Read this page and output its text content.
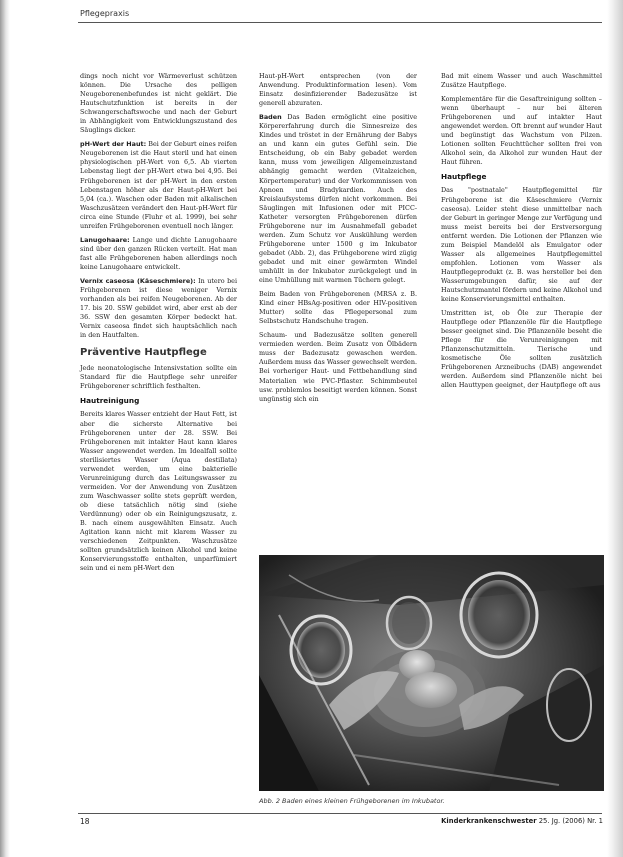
Pflegepraxis

dings noch nicht vor Wärmeverlust schützen können. Die Ursache des pelligen Neugeborenenbefundes ist nicht geklärt. Die Hautschutzfunktion ist bereits in der Schwangerschaftswoche und nach der Geburt in Abhängigkeit vom Entwicklungszustand des Säuglings dicker.

pH-Wert der Haut: Bei der Geburt eines reifen Neugeborenen ist die Haut steril und hat einen physiologischen pH-Wert von 6,5. Ab vierten Lebenstag liegt der pH-Wert etwa bei 4,95. Bei Frühgeborenen ist der pH-Wert in den ersten Lebenstagen höher als der Haut-pH-Wert bei 5,04 (ca.). Waschen oder Baden mit alkalischen Waschzusätzen verändert den Haut-pH-Wert für circa eine Stunde (Fluhr et al. 1999), bei sehr unreifen Frühgeborenen eventuell noch länger.

Lanugohaare: Lange und dichte Lanugohaare sind über den ganzen Rücken verteilt. Hat man fast alle Frühgeborenen haben allerdings noch keine Lanugohaare entwickelt.

Vernix caseosa (Käseschmiere): In utero bei Frühgeborenen ist diese weniger Vernix vorhanden als bei reifen Neugeborenen. Ab der 17. bis 20. SSW gebildet wird, aber erst ab der 36. SSW den gesamten Körper bedeckt hat. Vernix caseosa findet sich hauptsächlich nach in den Hautfalten.

Präventive Hautpflege

Jede neonatologische Intensivstation sollte ein Standard für die Hautpflege sehr unreifer Frühgeborener schriftlich festhalten.

Hautreinigung

Bereits klares Wasser entzieht der Haut Fett, ist aber die sicherste Alternative bei Frühgeborenen unter der 28. SSW. Bei Frühgeborenen mit intakter Haut kann klares Wasser angewendet werden. Im Idealfall sollte sterilisiertes Wasser (Aqua destillata) verwendet werden, um eine bakterielle Verunreinigung durch das Leitungswasser zu vermeiden. Vor der Anwendung von Zusätzen zum Waschwasser sollte stets geprüft werden, ob diese tatsächlich nötig sind (siehe Verdünnung) oder ob ein Reinigungszusatz, z. B. nach einem ausgewählten Einsatz. Auch Agitation kann nicht mit klarem Wasser zu verschiedenen Zeitpunkten. Waschzusätze sollten grundsätzlich keinen Alkohol und keine Konservierungsstoffe enthalten, unparfümiert sein und ei nem pH-Wert den

Haut-pH-Wert entsprechen (von der Anwendung. Produktinformation lesen). Vom Einsatz desinfizierender Badezusätze ist generell abzuraten.

Baden Das Baden ermöglicht eine positive Körpererfahrung durch die Sinnesreize des Kindes und tröstet in der Ernährung der Babys an und kann ein gutes Gefühl sein. Die Entscheidung, ob ein Baby gebadet werden kann, muss vom jeweiligen Allgemeinzustand abhängig gemacht werden (Vitalzeichen, Körpertemperatur) und der Vorkommnissen von Apnoen und Bradykardien. Auch des Kreislaufsystems dürfen nicht vorkommen. Bei Säuglingen mit Infusionen oder mit PICC-Katheter versorgten Frühgeborenen dürfen Frühgeborene nur im Ausnahmefall gebadet werden. Zum Schutz vor Auskühlung werden Frühgeborene unter 1500 g im Inkubator gebadet (Abb. 2), das Frühgeborene wird zügig gebadet und mit einer gewärmten Windel umhüllt in der Inkubator zurückgelegt und in eine Umhüllung mit warmen Tüchern gelegt.

Beim Baden von Frühgeborenen (MRSA z. B. Kind einer HBsAg-positiven oder HIV-positiven Mutter) sollte das Pflegepersonal zum Selbstschutz Handschuhe tragen.

Schaum- und Badezusätze sollten generell vermieden werden. Beim Zusatz von Ölbädern muss der Badezusatz gewaschen werden. Außerdem muss das Wasser gewechselt werden. Bei vorheriger Haut- und Fettbehandlung sind Materialien wie PVC-Pflaster. Schimmbeutel usw. problemlos beseitigt werden können. Sonst ungünstig sich ein

Bad mit einem Wasser und auch Waschmittel Zusätze Hautpflege.

Komplementäre für die Gesaftreinigung sollten – wenn überhaupt – nur bei älteren Frühgeborenen und auf intakter Haut angewendet werden. Oft brennt auf wunder Haut und begünstigt das Wachstum von Pilzen. Lotionen sollten Feuchttücher sollten frei von Alkohol sein, da Alkohol zur wunden Haut der Haut führen.

Hautpflege

Das "postnatale" Hautpflegemittel für Frühgeborene ist die Käseschmiere (Vernix caseosa). Leider steht diese unmittelbar nach der Geburt in geringer Menge zur Verfügung und muss meist bereits bei der Erstversorgung entfernt werden. Die Lotionen der Pflanzen wie zum Beispiel Mandelöl als Emulgator oder Wasser als allgemeines Hautpflegemittel empfohlen. Lotionen vom Wasser als Hautpflegeprodukt (z. B. was hersteller bei den Wasserumgebungen dafür, sie auf der Hautschutzmantel fördern und keine Alkohol und keine Konservierungsmittel enthalten.

Umstritten ist, ob Öle zur Therapie der Hautpflege oder Pflanzenöle für die Hautpflege besser geeignet sind. Die Pflanzenöle beseht die Pflege für die Verunreinigungen mit Pflanzenschutzmitteln. Tierische und kosmetische Öle sollten zusätzlich Frühgeborenen Arzneibuchs (DAB) angewendet werden. Außerdem sind Pflanzenöle nicht bei allen Hauttypen geeignet, der Hautpflege oft aus

Abb. 2 Baden eines kleinen Frühgeborenen im Inkubator.
18	Kinderkrankenschwester 25. Jg. (2006) Nr. 1
